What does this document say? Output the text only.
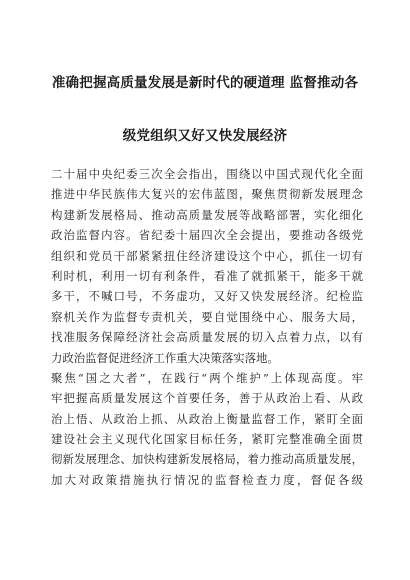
准确把握高质量发展是新时代的硬道理 监督推动各
级党组织又好又快发展经济
二十届中央纪委三次全会指出，围绕以中国式现代化全面
推进中华民族伟大复兴的宏伟蓝图，聚焦贯彻新发展理念
构建新发展格局、推动高质量发展等战略部署，实化细化
政治监督内容。省纪委十届四次全会提出，要推动各级党
组织和党员干部紧紧扭住经济建设这个中心，抓住一切有
利时机，利用一切有利条件，看准了就抓紧干，能多干就
多干，不喊口号，不务虚功，又好又快发展经济。纪检监
察机关作为监督专责机关，要自觉围绕中心、服务大局，
找准服务保障经济社会高质量发展的切入点着力点，以有
力政治监督促进经济工作重大决策落实落地。
聚焦“国之大者”，在践行“两个维护”上体现高度。牢
牢把握高质量发展这个首要任务，善于从政治上看、从政
治上悟、从政治上抓、从政治上衡量监督工作，紧盯全面
建设社会主义现代化国家目标任务，紧盯完整准确全面贯
彻新发展理念、加快构建新发展格局，着力推动高质量发展，
加大对政策措施执行情况的监督检查力度，督促各级
